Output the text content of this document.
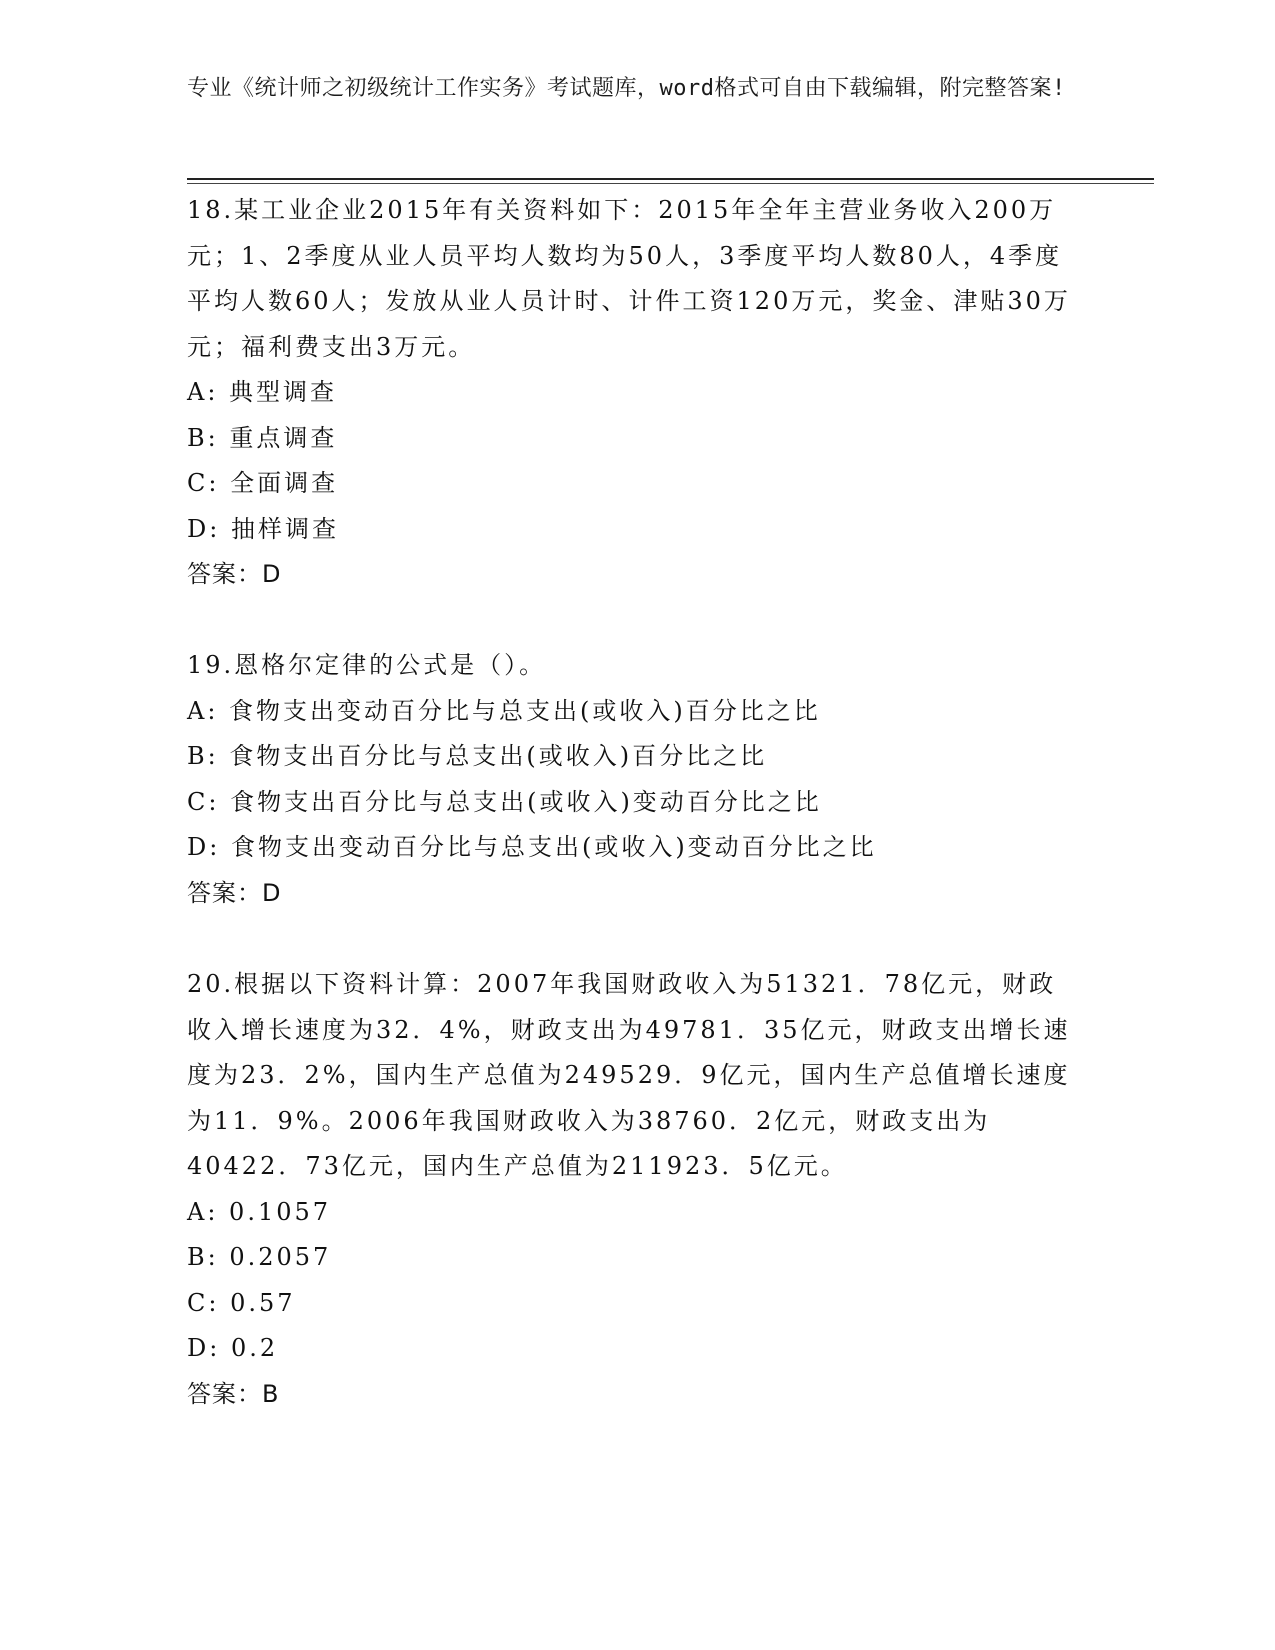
专业《统计师之初级统计工作实务》考试题库，word格式可自由下载编辑，附完整答案!
18.某工业企业2015年有关资料如下：2015年全年主营业务收入200万元；1、2季度从业人员平均人数均为50人，3季度平均人数80人，4季度平均人数60人；发放从业人员计时、计件工资120万元，奖金、津贴30万元；福利费支出3万元。
A: 典型调查
B: 重点调查
C: 全面调查
D: 抽样调查
答案：D
19.恩格尔定律的公式是（）。
A: 食物支出变动百分比与总支出(或收入)百分比之比
B: 食物支出百分比与总支出(或收入)百分比之比
C: 食物支出百分比与总支出(或收入)变动百分比之比
D: 食物支出变动百分比与总支出(或收入)变动百分比之比
答案：D
20.根据以下资料计算：2007年我国财政收入为51321．78亿元，财政收入增长速度为32．4%，财政支出为49781．35亿元，财政支出增长速度为23．2%，国内生产总值为249529．9亿元，国内生产总值增长速度为11．9%。2006年我国财政收入为38760．2亿元，财政支出为40422．73亿元，国内生产总值为211923．5亿元。
A: 0.1057
B: 0.2057
C: 0.57
D: 0.2
答案：B
